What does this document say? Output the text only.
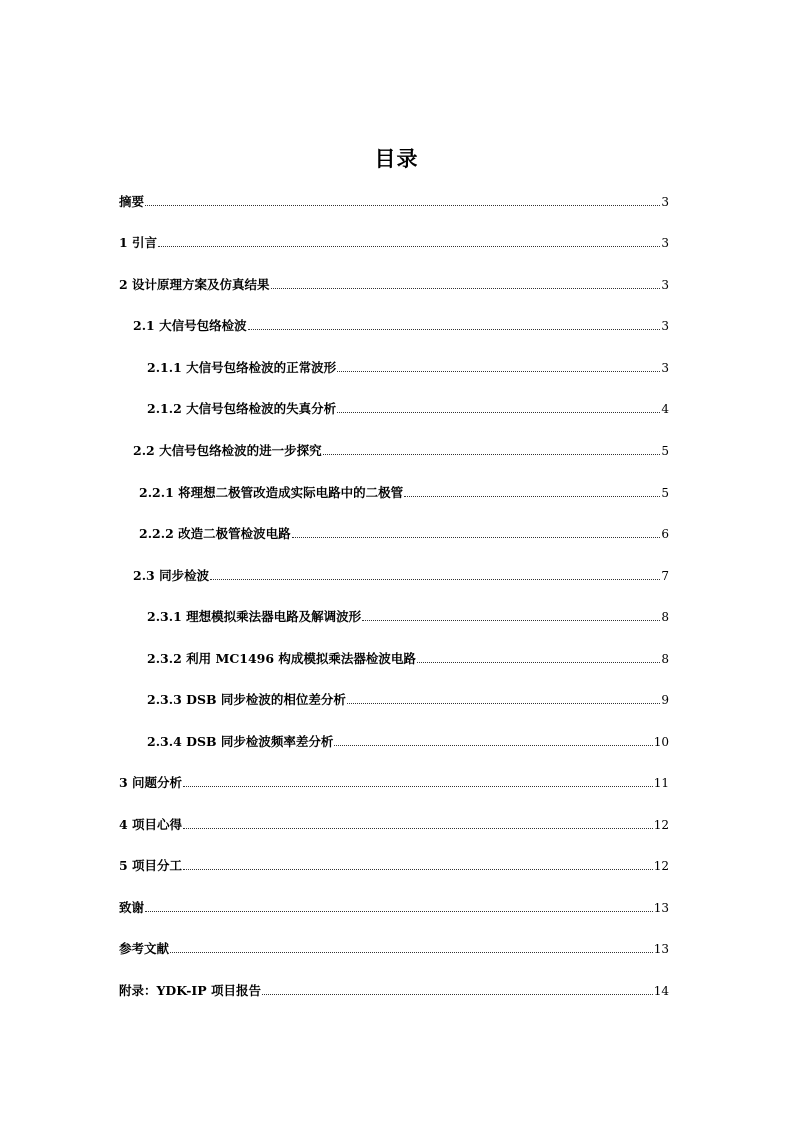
目录
摘要	3
1 引言	3
2 设计原理方案及仿真结果	3
2.1 大信号包络检波	3
2.1.1 大信号包络检波的正常波形	3
2.1.2 大信号包络检波的失真分析	4
2.2 大信号包络检波的进一步探究	5
2.2.1 将理想二极管改造成实际电路中的二极管	5
2.2.2 改造二极管检波电路	6
2.3 同步检波	7
2.3.1 理想模拟乘法器电路及解调波形	8
2.3.2 利用 MC1496 构成模拟乘法器检波电路	8
2.3.3 DSB 同步检波的相位差分析	9
2.3.4 DSB 同步检波频率差分析	10
3 问题分析	11
4 项目心得	12
5 项目分工	12
致谢	13
参考文献	13
附录：YDK-IP 项目报告	14
